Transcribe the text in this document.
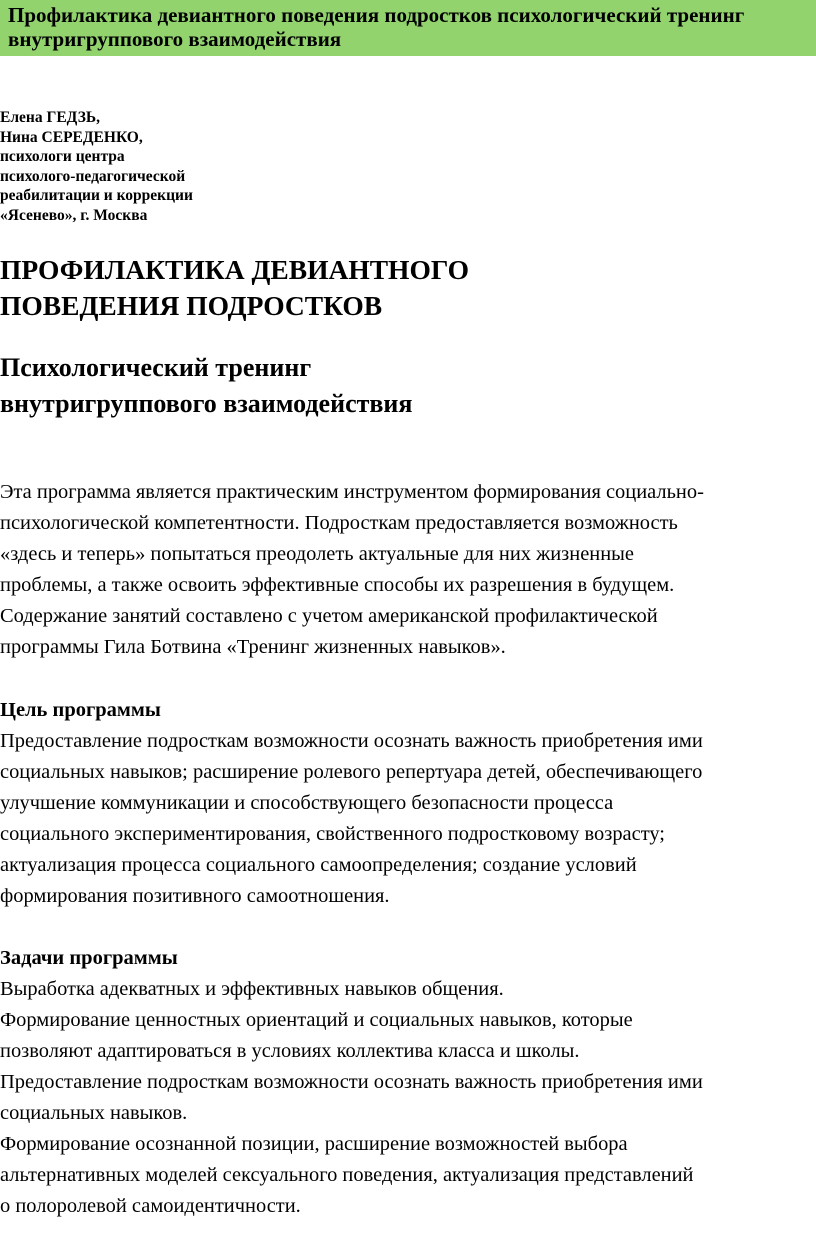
Профилактика девиантного поведения подростков психологический тренинг внутригруппового взаимодействия
Елена ГЕДЗЬ,
Нина СЕРЕДЕНКО,
психологи центра
психолого-педагогической
реабилитации и коррекции
«Ясенево», г. Москва
ПРОФИЛАКТИКА ДЕВИАНТНОГО
ПОВЕДЕНИЯ ПОДРОСТКОВ
Психологический тренинг
внутригруппового взаимодействия

Эта программа является практическим инструментом формирования социально-
психологической компетентности. Подросткам предоставляется возможность
«здесь и теперь» попытаться преодолеть актуальные для них жизненные
проблемы, а также освоить эффективные способы их разрешения в будущем.
Содержание занятий составлено с учетом американской профилактической
программы Гила Ботвина «Тренинг жизненных навыков».

Цель программы

Предоставление подросткам возможности осознать важность приобретения ими
социальных навыков; расширение ролевого репертуара детей, обеспечивающего
улучшение коммуникации и способствующего безопасности процесса
социального экспериментирования, свойственного подростковому возрасту;
актуализация процесса социального самоопределения; создание условий
формирования позитивного самоотношения.

Задачи программы

Выработка адекватных и эффективных навыков общения.
Формирование ценностных ориентаций и социальных навыков, которые
позволяют адаптироваться в условиях коллектива класса и школы.
Предоставление подросткам возможности осознать важность приобретения ими
социальных навыков.
Формирование осознанной позиции, расширение возможностей выбора
альтернативных моделей сексуального поведения, актуализация представлений
о полоролевой самоидентичности.
